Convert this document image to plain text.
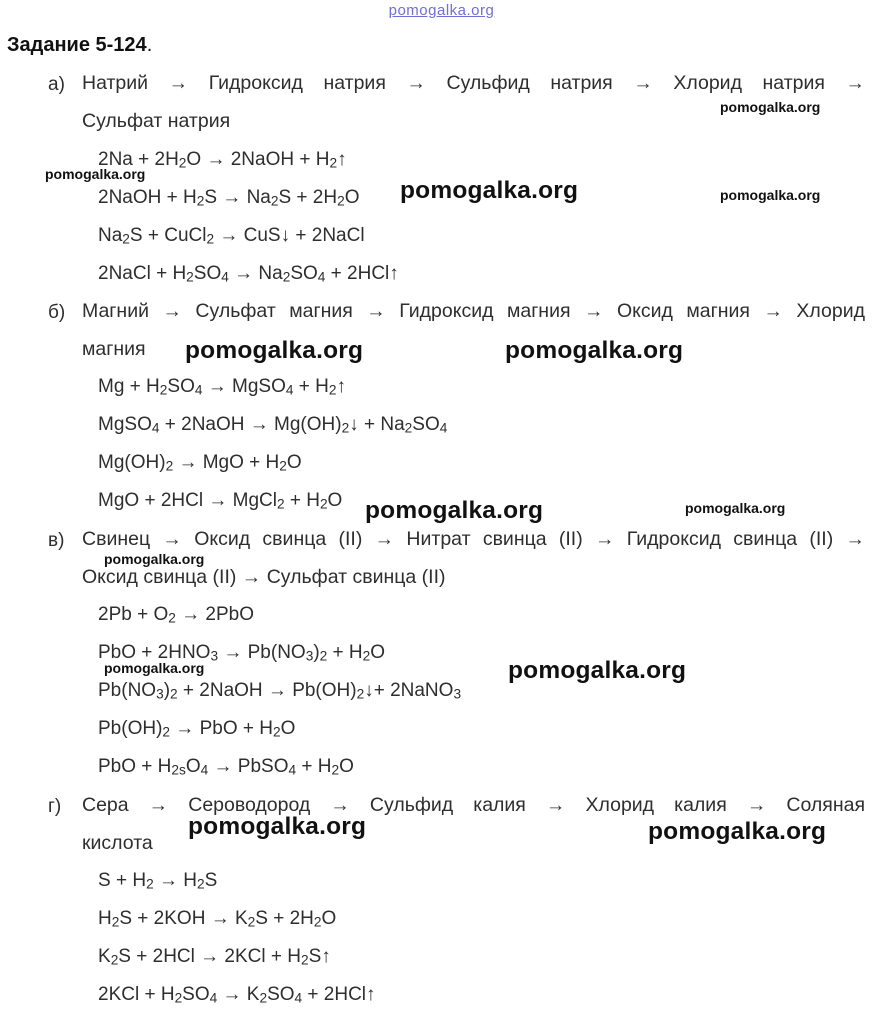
pomogalka.org
Задание 5-124.
а) Натрий → Гидроксид натрия → Сульфид натрия → Хлорид натрия →
Сульфат натрия
$2Na + 2H_2O$ → 2NaOH + $H_2↑$
2NaOH + $H_2S \to Na_2S + 2H_2O$
$Na_2S$ + CuCl$_2$ → CuS↓ + 2NaCl
2NaCl + $H_2SO_4 \to Na_2SO_4$ + 2HCl↑
б) Магний → Сульфат магния → Гидроксид магния → Оксид магния → Хлорид
магния
$Mg + H_2SO_4$ → MgSO$_4$ + $H_2↑$
MgSO$_4$ + 2NaOH → $Mg(OH)_2↓ + Na_2SO_4$
$Mg(OH)_2$ → MgO + $H_2O$
MgO + 2HCl → MgCl$_2$ + $H_2O$
в) Свинец → Оксид свинца (II) → Нитрат свинца (II) → Гидроксид свинца (II) →
Оксид свинца (II) → Сульфат свинца (II)
$2Pb + O_2 \to 2PbO$
PbO + $2HNO_3 \to Pb(NO_3)_2 + H_2O$
$Pb(NO_3)_2$ + 2NaOH → $Pb(OH)_2↓+$ 2NaNO$_3$
$Pb(OH)_2$ → PbO + $H_2O$
PbO + $H_{2s}O_4$ → PbSO$_4$ + $H_2O$
г) Сера → Сероводород → Сульфид калия → Хлорид калия → Соляная
кислота
$S + H_2 \to H_2S$
$H_2S + 2KOH \to K_2S + 2H_2O$
$K_2S + 2HCl \to 2KCl$ + $H_2S↑$
$2KCl + H_2SO_4 \to K_2SO_4$ + 2HCl↑
pomogalka.org
pomogalka.org
pomogalka.org	pomogalka.org
pomogalka.org	pomogalka.org
pomogalka.org	pomogalka.org
pomogalka.org
pomogalka.org	pomogalka.org
pomogalka.org	pomogalka.org
